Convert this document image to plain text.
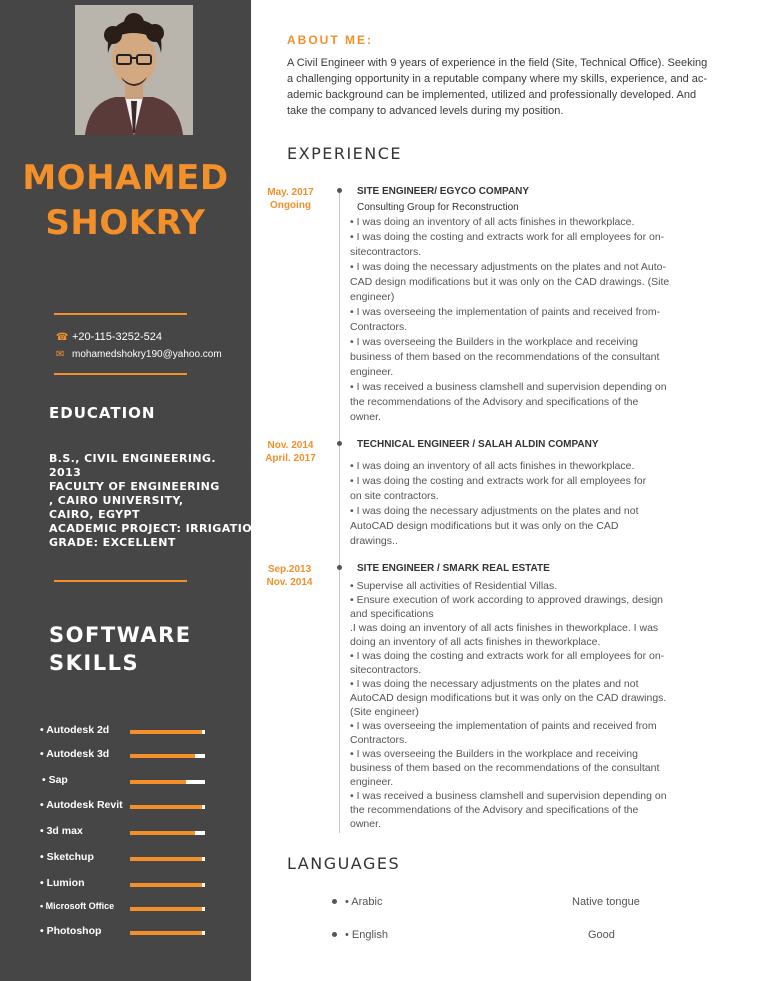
MOHAMED
SHOKRY
☎ +20-115-3252-524
✉ mohamedshokry190@yahoo.com
EDUCATION
B.S., CIVIL ENGINEERING.
2013
FACULTY OF ENGINEERING
, CAIRO UNIVERSITY,
CAIRO, EGYPT
ACADEMIC PROJECT: IRRIGATION.
GRADE: EXCELLENT
SOFTWARE
SKILLS
• Autodesk 2d
• Autodesk 3d
• Sap
• Autodesk Revit
• 3d max
• Sketchup
• Lumion
• Microsoft Office
• Photoshop
ABOUT ME:
A Civil Engineer with 9 years of experience in the field (Site, Technical Office). Seeking
a challenging opportunity in a reputable company where my skills, experience, and ac-
ademic background can be implemented, utilized and professionally developed. And
take the company to advanced levels during my position.
EXPERIENCE
LANGUAGES
May. 2017
Ongoing
SITE ENGINEER/ EGYCO COMPANY
Consulting Group for Reconstruction
• I was doing an inventory of all acts finishes in theworkplace.
• I was doing the costing and extracts work for all employees for on-
sitecontractors.
• I was doing the necessary adjustments on the plates and not Auto-
CAD design modifications but it was only on the CAD drawings. (Site
engineer)
• I was overseeing the implementation of paints and received from-
Contractors.
• I was overseeing the Builders in the workplace and receiving
business of them based on the recommendations of the consultant
engineer.
• I was received a business clamshell and supervision depending on
the recommendations of the Advisory and specifications of the
owner.
Nov. 2014
April. 2017
TECHNICAL ENGINEER / SALAH ALDIN COMPANY
• I was doing an inventory of all acts finishes in theworkplace.
• I was doing the costing and extracts work for all employees for
on site contractors.
• I was doing the necessary adjustments on the plates and not
AutoCAD design modifications but it was only on the CAD
drawings..
Sep.2013
Nov. 2014
SITE ENGINEER / SMARK REAL ESTATE
• Supervise all activities of Residential Villas.
• Ensure execution of work according to approved drawings, design
and specifications
.I was doing an inventory of all acts finishes in theworkplace. I was
doing an inventory of all acts finishes in theworkplace.
• I was doing the costing and extracts work for all employees for on-
sitecontractors.
• I was doing the necessary adjustments on the plates and not
AutoCAD design modifications but it was only on the CAD drawings.
(Site engineer)
• I was overseeing the implementation of paints and received from
Contractors.
• I was overseeing the Builders in the workplace and receiving
business of them based on the recommendations of the consultant
engineer.
• I was received a business clamshell and supervision depending on
the recommendations of the Advisory and specifications of the
owner.
• Arabic	Native tongue
• English	Good
